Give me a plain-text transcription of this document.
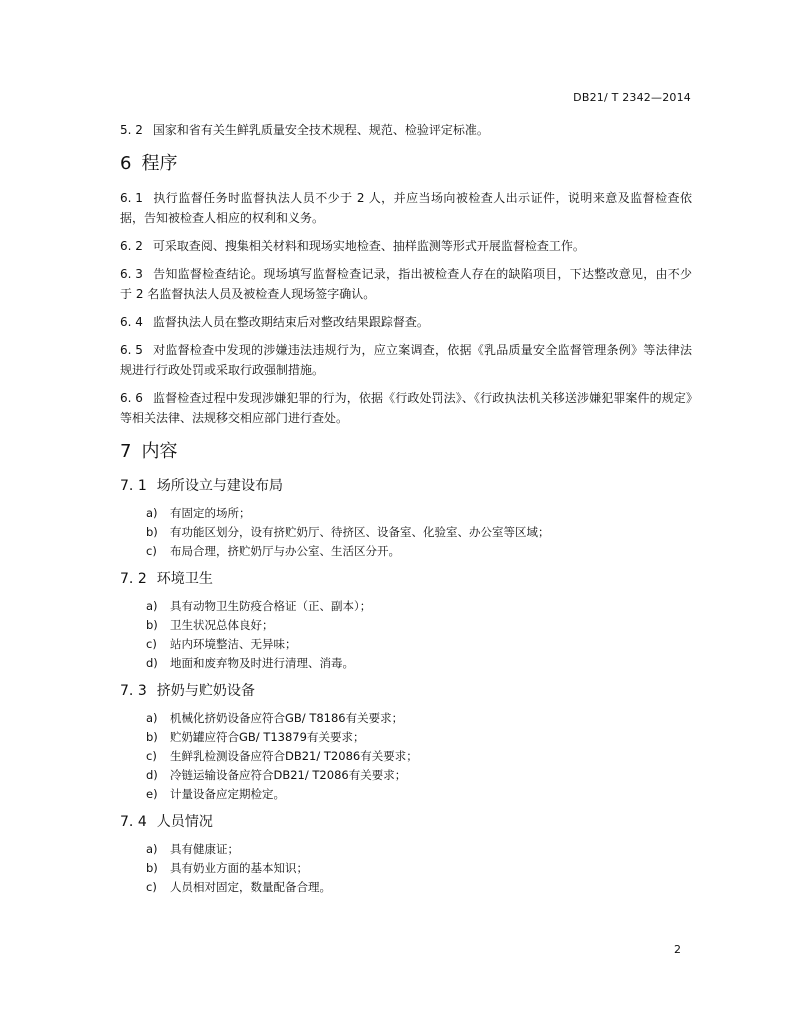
DB21/ T 2342—2014

5. 2 国家和省有关生鲜乳质量安全技术规程、规范、检验评定标准。

6 程序

6. 1 执行监督任务时监督执法人员不少于 2 人，并应当场向被检查人出示证件，说明来意及监督检查依据，告知被检查人相应的权利和义务。

6. 2 可采取查阅、搜集相关材料和现场实地检查、抽样监测等形式开展监督检查工作。

6. 3 告知监督检查结论。现场填写监督检查记录，指出被检查人存在的缺陷项目，下达整改意见，由不少于 2 名监督执法人员及被检查人现场签字确认。

6. 4 监督执法人员在整改期结束后对整改结果跟踪督查。

6. 5 对监督检查中发现的涉嫌违法违规行为，应立案调查，依据《乳品质量安全监督管理条例》等法律法规进行行政处罚或采取行政强制措施。

6. 6 监督检查过程中发现涉嫌犯罪的行为，依据《行政处罚法》、《行政执法机关移送涉嫌犯罪案件的规定》等相关法律、法规移交相应部门进行查处。

7 内容
7. 1 场所设立与建设布局
a) 有固定的场所；
b) 有功能区划分，设有挤贮奶厅、待挤区、设备室、化验室、办公室等区域；
c) 布局合理，挤贮奶厅与办公室、生活区分开。
7. 2 环境卫生
a) 具有动物卫生防疫合格证（正、副本）；
b) 卫生状况总体良好；
c) 站内环境整洁、无异味；
d) 地面和废弃物及时进行清理、消毒。
7. 3 挤奶与贮奶设备
a) 机械化挤奶设备应符合GB/ T8186有关要求；
b) 贮奶罐应符合GB/ T13879有关要求；
c) 生鲜乳检测设备应符合DB21/ T2086有关要求；
d) 冷链运输设备应符合DB21/ T2086有关要求；
e) 计量设备应定期检定。
7. 4 人员情况
a) 具有健康证；
b) 具有奶业方面的基本知识；
c) 人员相对固定，数量配备合理。
2
